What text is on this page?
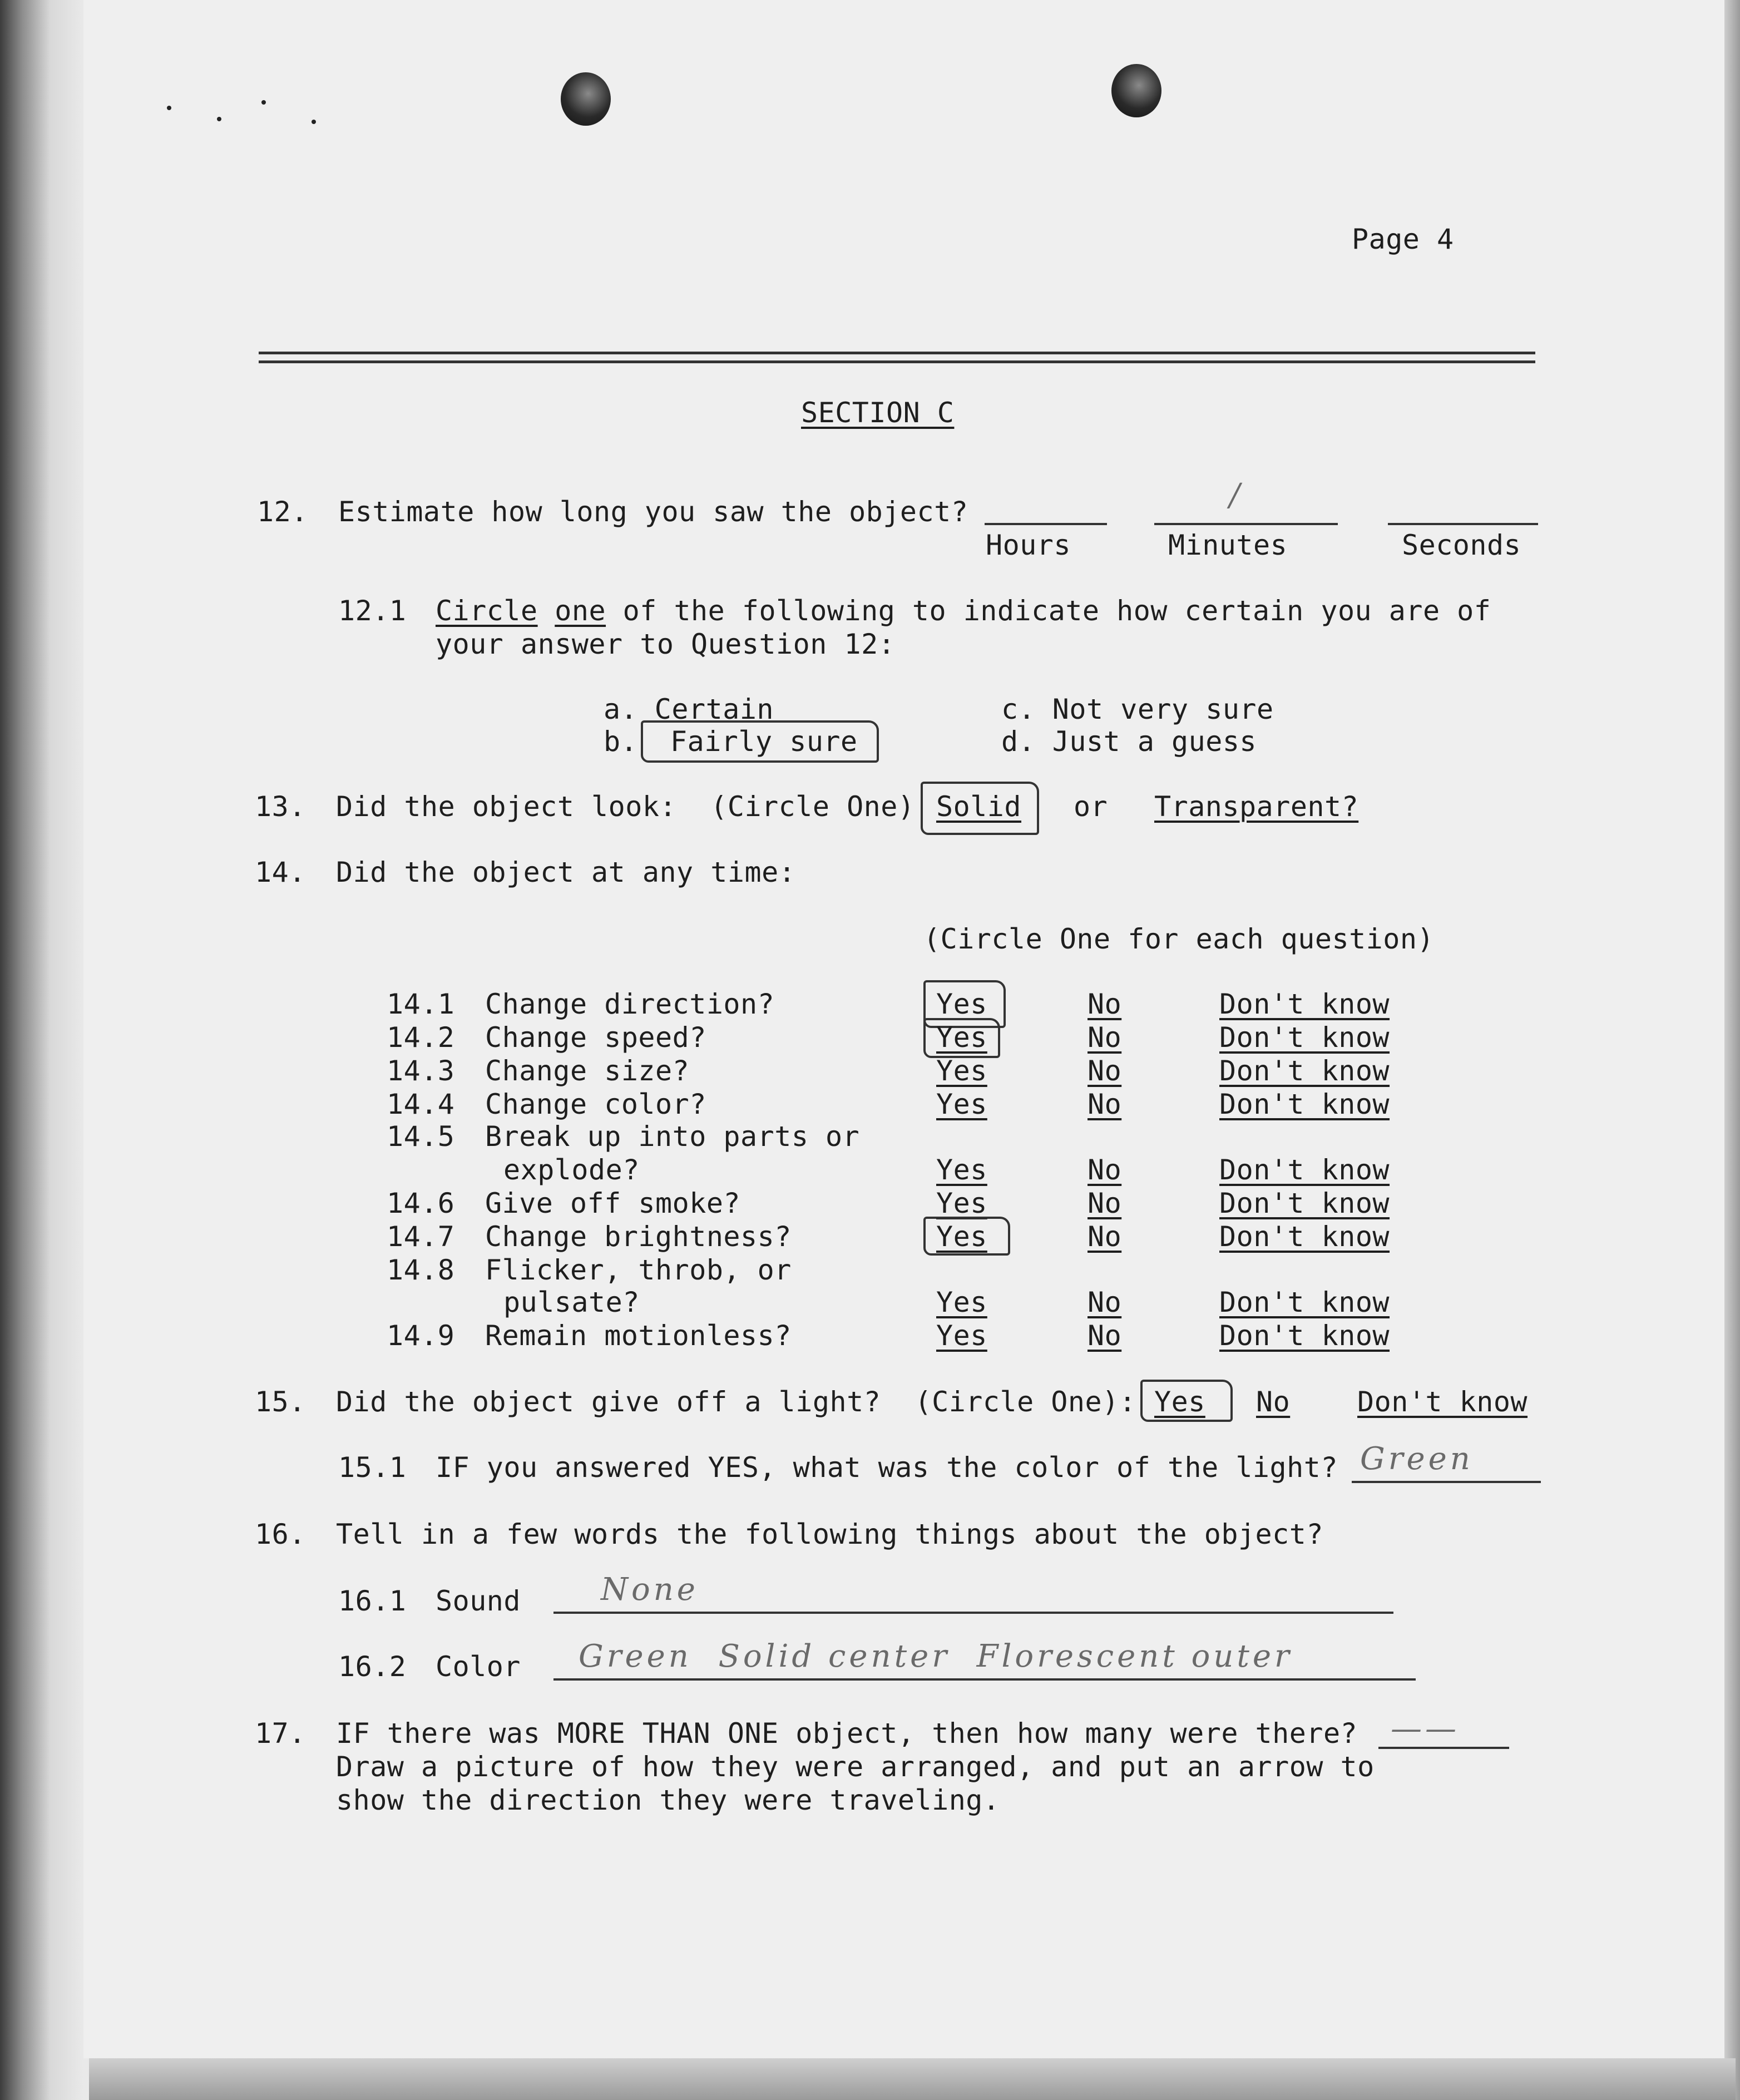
Page 4
SECTION C
12. Estimate how long you saw the object?	/
Hours	Minutes	Seconds
12.1 Circle one of the following to indicate how certain you are of
your answer to Question 12:
a. Certain
b. Fairly sure
c. Not very sure
d. Just a guess
13. Did the object look:  (Circle One) Solid or Transparent?
14. Did the object at any time:
(Circle One for each question)
14.1 Change direction?	Yes	No	Don't know
14.2 Change speed?	Yes	No	Don't know
14.3 Change size?	Yes	No	Don't know
14.4 Change color?	Yes	No	Don't know
14.5 Break up into parts or
explode?	Yes	No	Don't know
14.6 Give off smoke?	Yes	No	Don't know
14.7 Change brightness?	Yes	No	Don't know
14.8 Flicker, throb, or
pulsate?	Yes	No	Don't know
14.9 Remain motionless?	Yes	No	Don't know
15. Did the object give off a light?  (Circle One): Yes No Don't know
15.1 IF you answered YES, what was the color of the light? Green
16. Tell in a few words the following things about the object?
16.1 Sound	None
16.2 Color Green  Solid center  Florescent outer
17. IF there was MORE THAN ONE object, then how many were there? ——
Draw a picture of how they were arranged, and put an arrow to
show the direction they were traveling.
